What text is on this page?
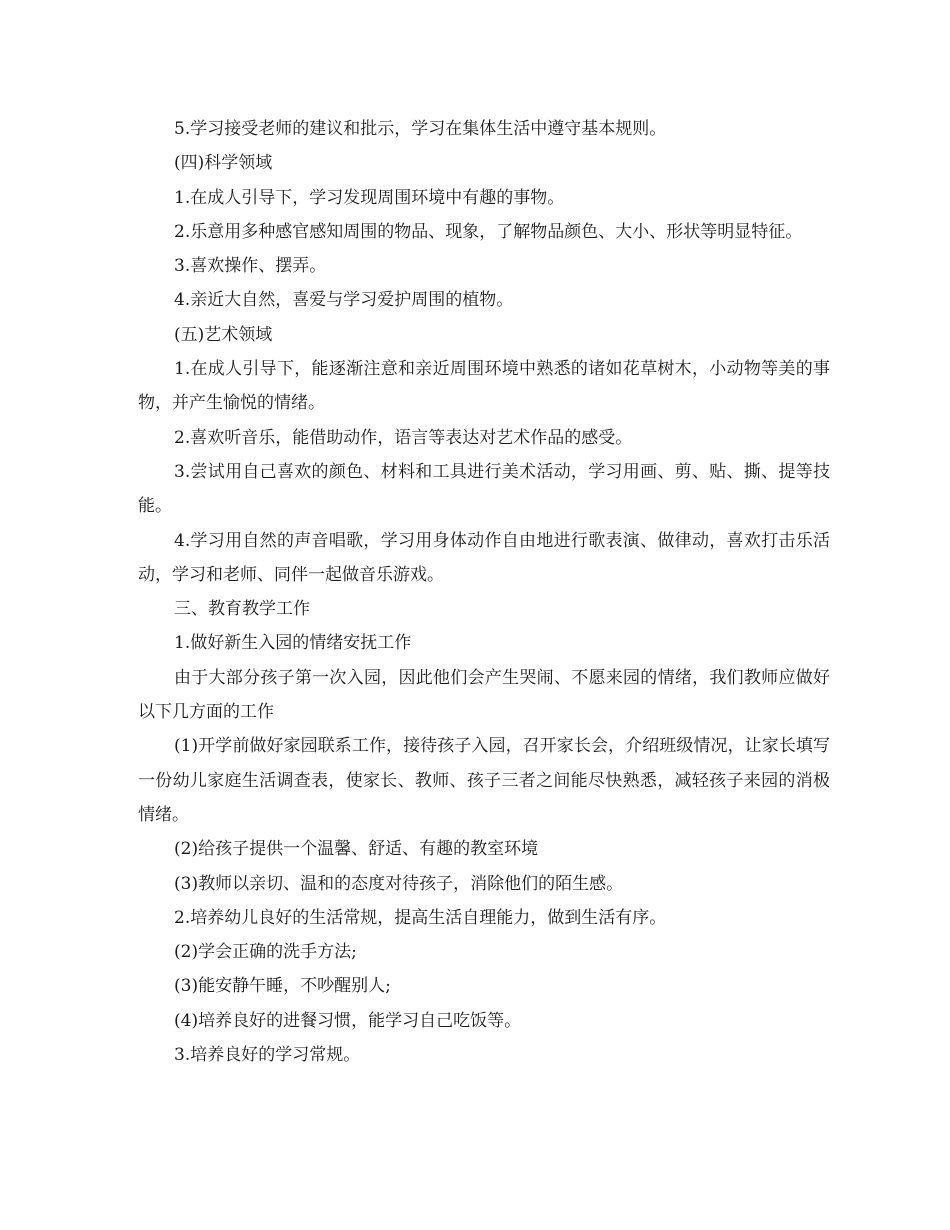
5.学习接受老师的建议和批示，学习在集体生活中遵守基本规则。

(四)科学领域

1.在成人引导下，学习发现周围环境中有趣的事物。

2.乐意用多种感官感知周围的物品、现象，了解物品颜色、大小、形状等明显特征。

3.喜欢操作、摆弄。

4.亲近大自然，喜爱与学习爱护周围的植物。

(五)艺术领域

1.在成人引导下，能逐渐注意和亲近周围环境中熟悉的诸如花草树木，小动物等美的事物，并产生愉悦的情绪。

2.喜欢听音乐，能借助动作，语言等表达对艺术作品的感受。

3.尝试用自己喜欢的颜色、材料和工具进行美术活动，学习用画、剪、贴、撕、提等技能。

4.学习用自然的声音唱歌，学习用身体动作自由地进行歌表演、做律动，喜欢打击乐活动，学习和老师、同伴一起做音乐游戏。

三、教育教学工作

1.做好新生入园的情绪安抚工作

由于大部分孩子第一次入园，因此他们会产生哭闹、不愿来园的情绪，我们教师应做好以下几方面的工作

(1)开学前做好家园联系工作，接待孩子入园，召开家长会，介绍班级情况，让家长填写一份幼儿家庭生活调查表，使家长、教师、孩子三者之间能尽快熟悉，减轻孩子来园的消极情绪。

(2)给孩子提供一个温馨、舒适、有趣的教室环境

(3)教师以亲切、温和的态度对待孩子，消除他们的陌生感。

2.培养幼儿良好的生活常规，提高生活自理能力，做到生活有序。

(2)学会正确的洗手方法;

(3)能安静午睡，不吵醒别人;

(4)培养良好的进餐习惯，能学习自己吃饭等。

3.培养良好的学习常规。
